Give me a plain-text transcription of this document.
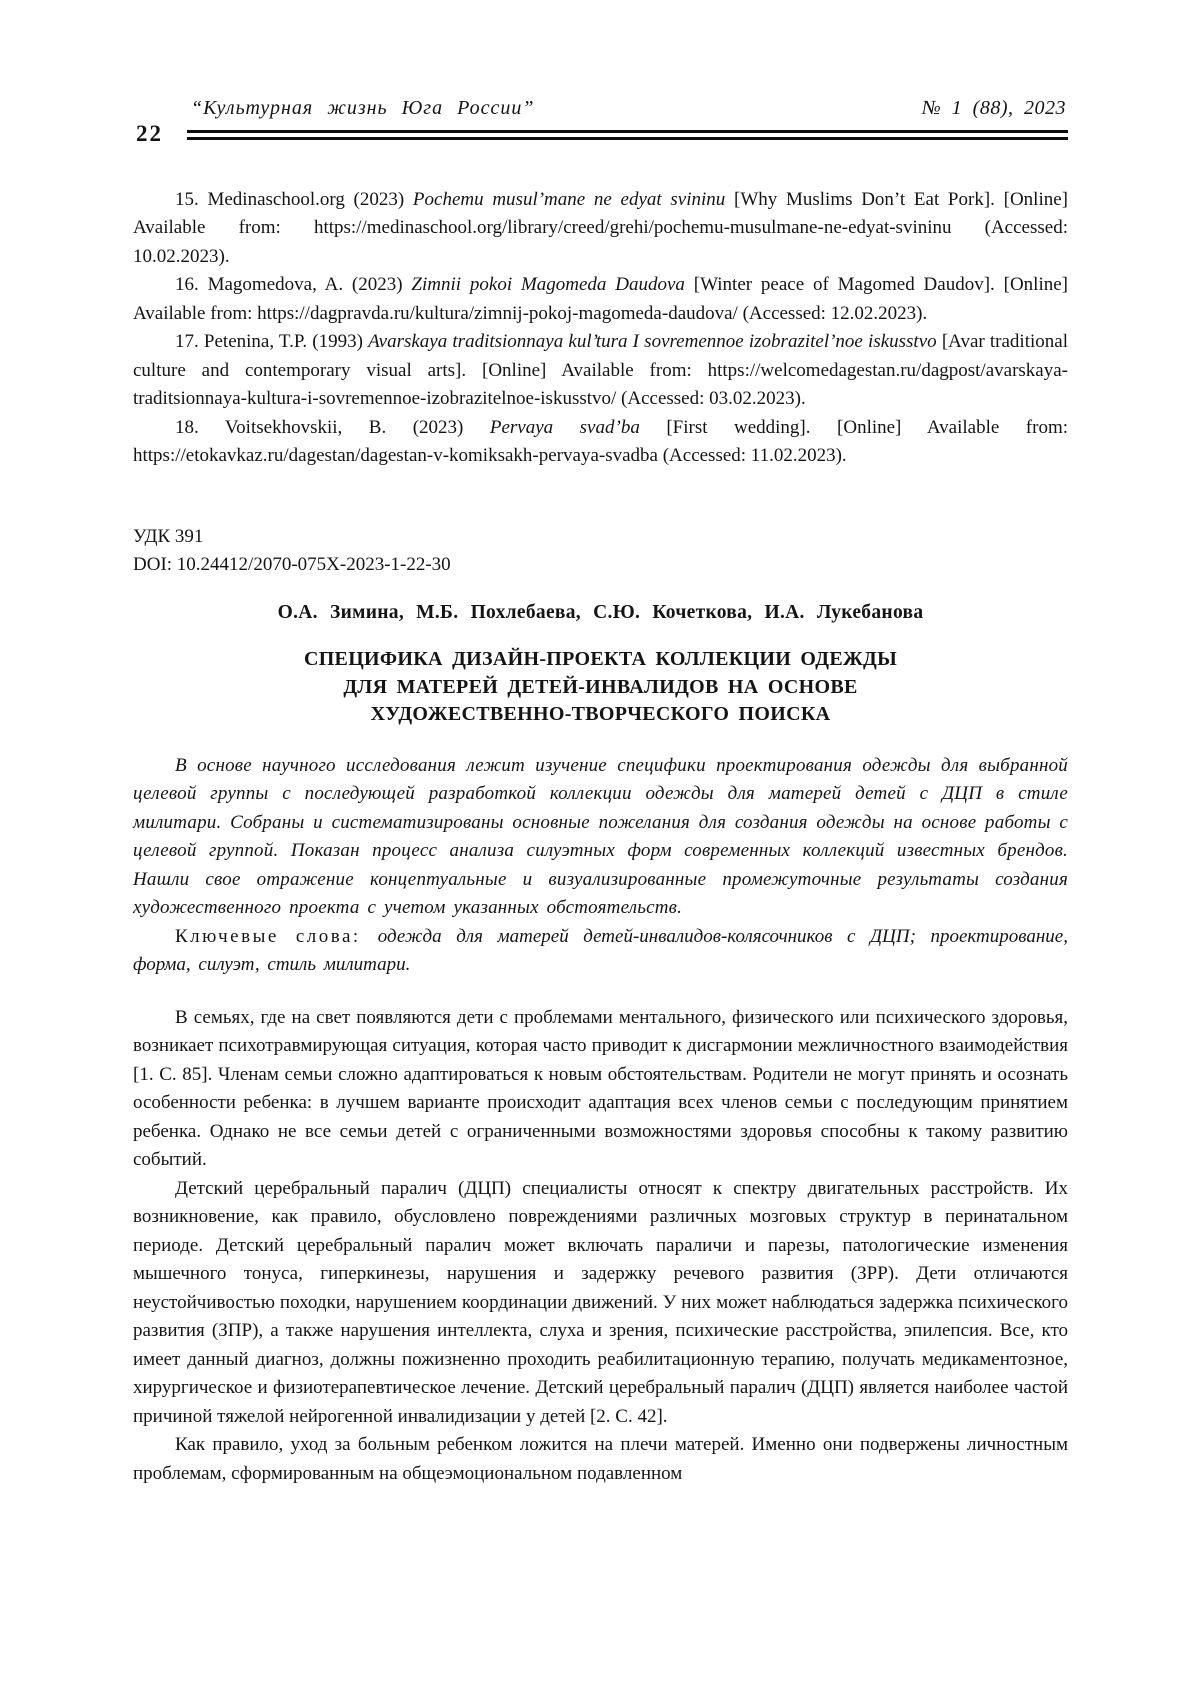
22
“Культурная жизнь Юга России”	№ 1 (88), 2023

15. Medinaschool.org (2023) Pochemu musul’mane ne edyat svininu [Why Muslims Don’t Eat Pork]. [Online] Available from: https://medinaschool.org/library/creed/grehi/pochemu-musulmane-ne-edyat-svininu (Accessed: 10.02.2023).

16. Magomedova, A. (2023) Zimnii pokoi Magomeda Daudova [Winter peace of Magomed Daudov]. [Online] Available from: https://dagpravda.ru/kultura/zimnij-pokoj-magomeda-daudova/ (Accessed: 12.02.2023).

17. Petenina, T.P. (1993) Avarskaya traditsionnaya kul’tura I sovremennoe izobrazitel’noe iskusstvo [Avar traditional culture and contemporary visual arts]. [Online] Available from: https://welcomedagestan.ru/dagpost/avarskaya-traditsionnaya-kultura-i-sovremennoe-izobrazitelnoe-iskusstvo/ (Accessed: 03.02.2023).

18. Voitsekhovskii, B. (2023) Pervaya svad’ba [First wedding]. [Online] Available from: https://etokavkaz.ru/dagestan/dagestan-v-komiksakh-pervaya-svadba (Accessed: 11.02.2023).

УДК 391

DOI: 10.24412/2070-075X-2023-1-22-30

О.А. Зимина, М.Б. Похлебаева, С.Ю. Кочеткова, И.А. Лукебанова

СПЕЦИФИКА ДИЗАЙН-ПРОЕКТА КОЛЛЕКЦИИ ОДЕЖДЫ
ДЛЯ МАТЕРЕЙ ДЕТЕЙ-ИНВАЛИДОВ НА ОСНОВЕ
ХУДОЖЕСТВЕННО-ТВОРЧЕСКОГО ПОИСКА

В основе научного исследования лежит изучение специфики проектирования одежды для выбранной целевой группы с последующей разработкой коллекции одежды для матерей детей с ДЦП в стиле милитари. Собраны и систематизированы основные пожелания для создания одежды на основе работы с целевой группой. Показан процесс анализа силуэтных форм современных коллекций известных брендов. Нашли свое отражение концептуальные и визуализированные промежуточные результаты создания художественного проекта с учетом указанных обстоятельств.

Ключевые слова: одежда для матерей детей-инвалидов-колясочников с ДЦП; проектирование, форма, силуэт, стиль милитари.

В семьях, где на свет появляются дети с проблемами ментального, физического или психического здоровья, возникает психотравмирующая ситуация, которая часто приводит к дисгармонии межличностного взаимодействия [1. С. 85]. Членам семьи сложно адаптироваться к новым обстоятельствам. Родители не могут принять и осознать особенности ребенка: в лучшем варианте происходит адаптация всех членов семьи с последующим принятием ребенка. Однако не все семьи детей с ограниченными возможностями здоровья способны к такому развитию событий.

Детский церебральный паралич (ДЦП) специалисты относят к спектру двигательных расстройств. Их возникновение, как правило, обусловлено повреждениями различных мозговых структур в перинатальном периоде. Детский церебральный паралич может включать параличи и парезы, патологические изменения мышечного тонуса, гиперкинезы, нарушения и задержку речевого развития (ЗРР). Дети отличаются неустойчивостью походки, нарушением координации движений. У них может наблюдаться задержка психического развития (ЗПР), а также нарушения интеллекта, слуха и зрения, психические расстройства, эпилепсия. Все, кто имеет данный диагноз, должны пожизненно проходить реабилитационную терапию, получать медикаментозное, хирургическое и физиотерапевтическое лечение. Детский церебральный паралич (ДЦП) является наиболее частой причиной тяжелой нейрогенной инвалидизации у детей [2. С. 42].

Как правило, уход за больным ребенком ложится на плечи матерей. Именно они подвержены личностным проблемам, сформированным на общеэмоциональном подавленном
